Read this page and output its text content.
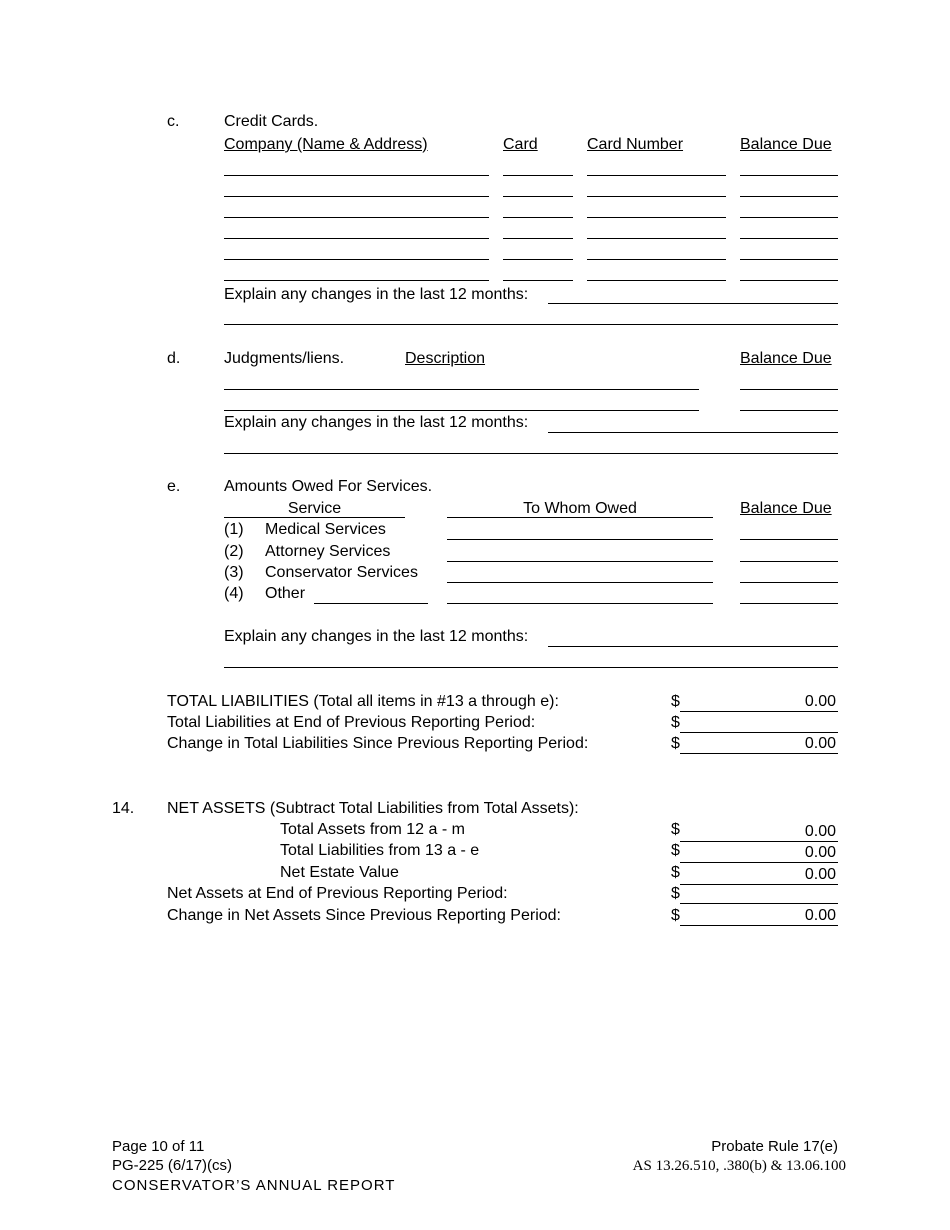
c.	Credit Cards.
Company (Name & Address)	Card	Card Number	Balance Due
Explain any changes in the last 12 months:
d.	Judgments/liens.	Description	Balance Due
Explain any changes in the last 12 months:
e.	Amounts Owed For Services.
Service	To Whom Owed	Balance Due
(1) Medical Services
(2) Attorney Services
(3) Conservator Services
(4) Other
Explain any changes in the last 12 months:
TOTAL LIABILITIES (Total all items in #13 a through e):	$	0.00
Total Liabilities at End of Previous Reporting Period:	$
Change in Total Liabilities Since Previous Reporting Period:	$	0.00
14. NET ASSETS (Subtract Total Liabilities from Total Assets):
Total Assets from 12 a - m	$	0.00
Total Liabilities from 13 a - e	$	0.00
Net Estate Value	$	0.00
Net Assets at End of Previous Reporting Period:	$
Change in Net Assets Since Previous Reporting Period:	$	0.00
Page 10 of 11
PG-225 (6/17)(cs)
CONSERVATOR’S ANNUAL REPORT
Probate Rule 17(e)
AS 13.26.510, .380(b) & 13.06.100
